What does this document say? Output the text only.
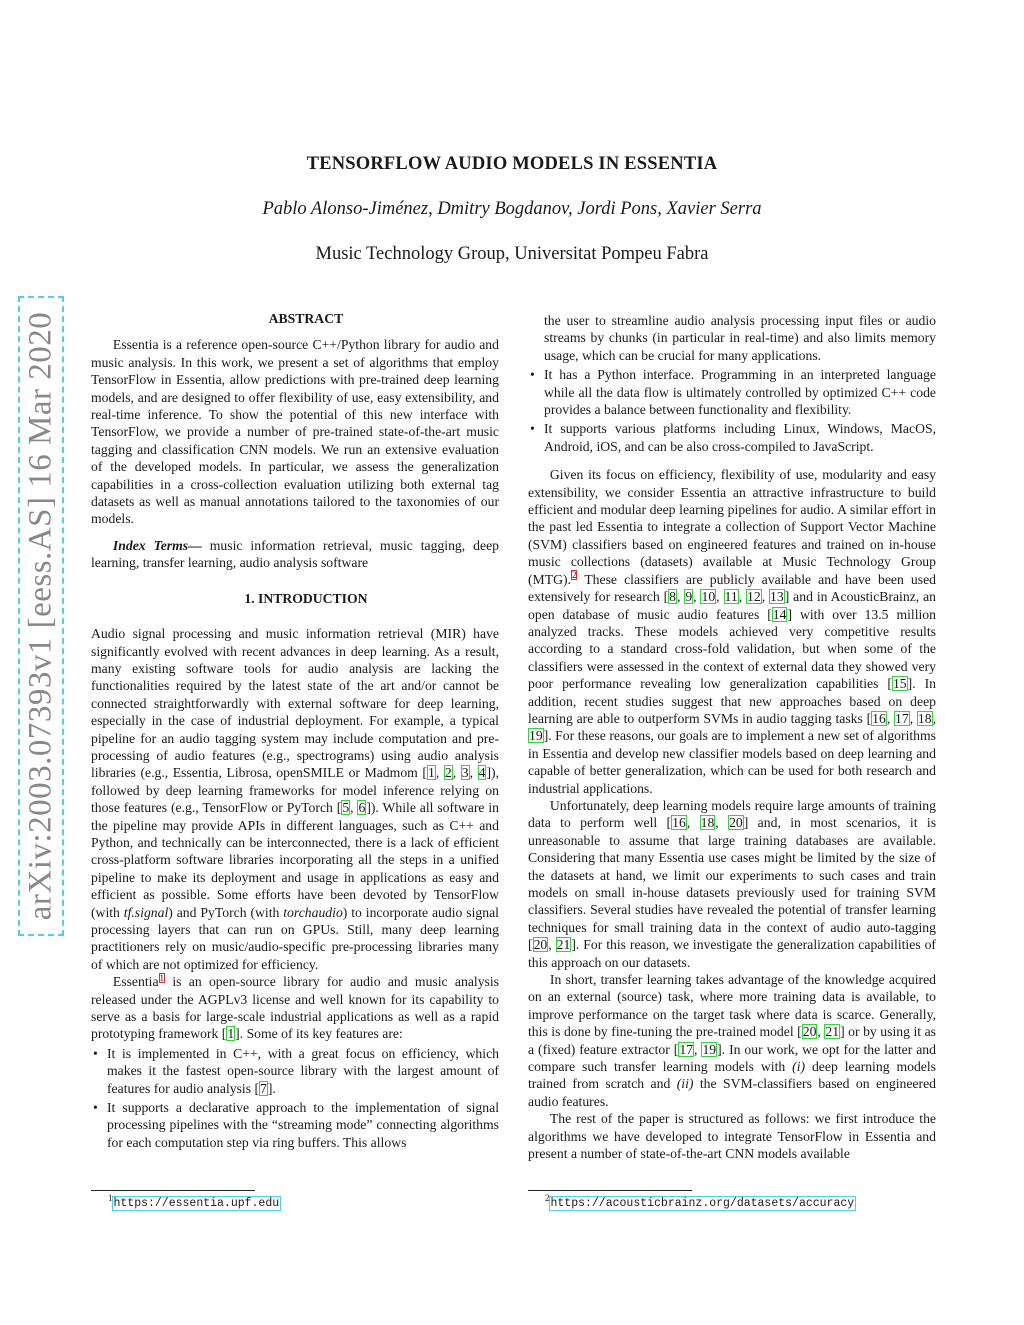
arXiv:2003.07393v1 [eess.AS] 16 Mar 2020
TENSORFLOW AUDIO MODELS IN ESSENTIA
Pablo Alonso-Jiménez, Dmitry Bogdanov, Jordi Pons, Xavier Serra
Music Technology Group, Universitat Pompeu Fabra

ABSTRACT

Essentia is a reference open-source C++/Python library for audio and music analysis. In this work, we present a set of algorithms that employ TensorFlow in Essentia, allow predictions with pre-trained deep learning models, and are designed to offer flexibility of use, easy extensibility, and real-time inference. To show the potential of this new interface with TensorFlow, we provide a number of pre-trained state-of-the-art music tagging and classification CNN models. We run an extensive evaluation of the developed models. In particular, we assess the generalization capabilities in a cross-collection evaluation utilizing both external tag datasets as well as manual annotations tailored to the taxonomies of our models.

Index Terms— music information retrieval, music tagging, deep learning, transfer learning, audio analysis software

1. INTRODUCTION

Audio signal processing and music information retrieval (MIR) have significantly evolved with recent advances in deep learning. As a result, many existing software tools for audio analysis are lacking the functionalities required by the latest state of the art and/or cannot be connected straightforwardly with external software for deep learning, especially in the case of industrial deployment. For example, a typical pipeline for an audio tagging system may include computation and pre-processing of audio features (e.g., spectrograms) using audio analysis libraries (e.g., Essentia, Librosa, openSMILE or Madmom [1, 2, 3, 4]), followed by deep learning frameworks for model inference relying on those features (e.g., TensorFlow or PyTorch [5, 6]). While all software in the pipeline may provide APIs in different languages, such as C++ and Python, and technically can be interconnected, there is a lack of efficient cross-platform software libraries incorporating all the steps in a unified pipeline to make its deployment and usage in applications as easy and efficient as possible. Some efforts have been devoted by TensorFlow (with tf.signal) and PyTorch (with torchaudio) to incorporate audio signal processing layers that can run on GPUs. Still, many deep learning practitioners rely on music/audio-specific pre-processing libraries many of which are not optimized for efficiency.

Essentia$^1$ is an open-source library for audio and music analysis released under the AGPLv3 license and well known for its capability to serve as a basis for large-scale industrial applications as well as a rapid prototyping framework [1]. Some of its key features are:

• It is implemented in C++, with a great focus on efficiency, which makes it the fastest open-source library with the largest amount of features for audio analysis [7].
• It supports a declarative approach to the implementation of signal processing pipelines with the “streaming mode” connecting algorithms for each computation step via ring buffers. This allows
$^1$https://essentia.upf.edu
the user to streamline audio analysis processing input files or audio streams by chunks (in particular in real-time) and also limits memory usage, which can be crucial for many applications.
• It has a Python interface. Programming in an interpreted language while all the data flow is ultimately controlled by optimized C++ code provides a balance between functionality and flexibility.
• It supports various platforms including Linux, Windows, MacOS, Android, iOS, and can be also cross-compiled to JavaScript.

Given its focus on efficiency, flexibility of use, modularity and easy extensibility, we consider Essentia an attractive infrastructure to build efficient and modular deep learning pipelines for audio. A similar effort in the past led Essentia to integrate a collection of Support Vector Machine (SVM) classifiers based on engineered features and trained on in-house music collections (datasets) available at Music Technology Group (MTG).$^2$ These classifiers are publicly available and have been used extensively for research [8, 9, 10, 11, 12, 13] and in AcousticBrainz, an open database of music audio features [14] with over 13.5 million analyzed tracks. These models achieved very competitive results according to a standard cross-fold validation, but when some of the classifiers were assessed in the context of external data they showed very poor performance revealing low generalization capabilities [15]. In addition, recent studies suggest that new approaches based on deep learning are able to outperform SVMs in audio tagging tasks [16, 17, 18, 19]. For these reasons, our goals are to implement a new set of algorithms in Essentia and develop new classifier models based on deep learning and capable of better generalization, which can be used for both research and industrial applications.

Unfortunately, deep learning models require large amounts of training data to perform well [16, 18, 20] and, in most scenarios, it is unreasonable to assume that large training databases are available. Considering that many Essentia use cases might be limited by the size of the datasets at hand, we limit our experiments to such cases and train models on small in-house datasets previously used for training SVM classifiers. Several studies have revealed the potential of transfer learning techniques for small training data in the context of audio auto-tagging [20, 21]. For this reason, we investigate the generalization capabilities of this approach on our datasets.

In short, transfer learning takes advantage of the knowledge acquired on an external (source) task, where more training data is available, to improve performance on the target task where data is scarce. Generally, this is done by fine-tuning the pre-trained model [20, 21] or by using it as a (fixed) feature extractor [17, 19]. In our work, we opt for the latter and compare such transfer learning models with (i) deep learning models trained from scratch and (ii) the SVM-classifiers based on engineered audio features.

The rest of the paper is structured as follows: we first introduce the algorithms we have developed to integrate TensorFlow in Essentia and present a number of state-of-the-art CNN models available

$^2$https://acousticbrainz.org/datasets/accuracy
